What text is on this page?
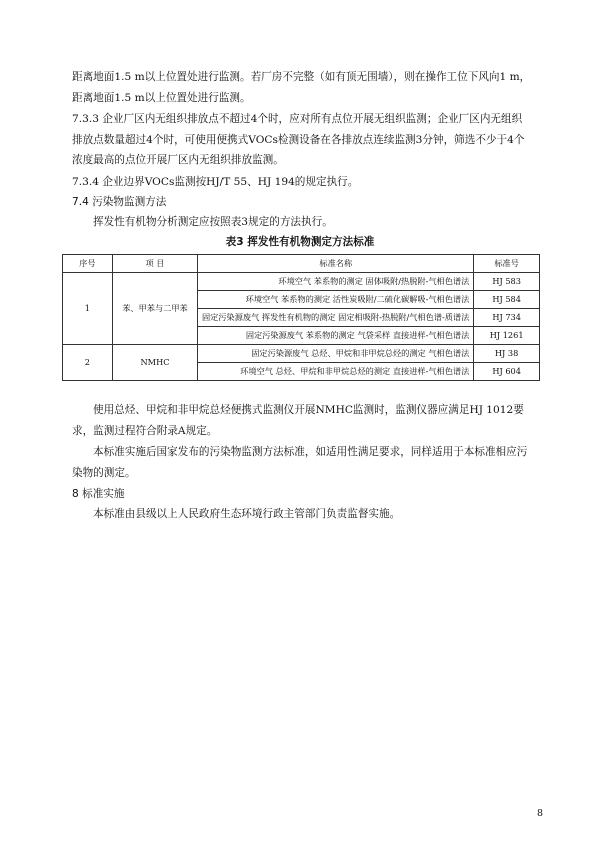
距离地面1.5 m以上位置处进行监测。若厂房不完整（如有顶无围墙），则在操作工位下风向1 m，距离地面1.5 m以上位置处进行监测。

7.3.3 企业厂区内无组织排放点不超过4个时，应对所有点位开展无组织监测；企业厂区内无组织排放点数量超过4个时，可使用便携式VOCs检测设备在各排放点连续监测3分钟，筛选不少于4个浓度最高的点位开展厂区内无组织排放监测。

7.3.4 企业边界VOCs监测按HJ/T 55、HJ 194的规定执行。

7.4 污染物监测方法

挥发性有机物分析测定应按照表3规定的方法执行。

表3 挥发性有机物测定方法标准

序号	项 目	标准名称	标准号
1	苯、甲苯与二甲苯	环境空气 苯系物的测定 固体吸附/热脱附-气相色谱法	HJ 583
		环境空气 苯系物的测定 活性炭吸附/二硫化碳解吸-气相色谱法	HJ 584
		固定污染源废气 挥发性有机物的测定 固定相吸附-热脱附/气相色谱-质谱法	HJ 734
		固定污染源废气 苯系物的测定 气袋采样 直接进样-气相色谱法	HJ 1261
2	NMHC	固定污染源废气 总烃、甲烷和非甲烷总烃的测定 气相色谱法	HJ 38
		环境空气 总烃、甲烷和非甲烷总烃的测定 直接进样-气相色谱法	HJ 604

使用总烃、甲烷和非甲烷总烃便携式监测仪开展NMHC监测时，监测仪器应满足HJ 1012要求，监测过程符合附录A规定。

本标准实施后国家发布的污染物监测方法标准，如适用性满足要求，同样适用于本标准相应污染物的测定。

8 标准实施

本标准由县级以上人民政府生态环境行政主管部门负责监督实施。

8
